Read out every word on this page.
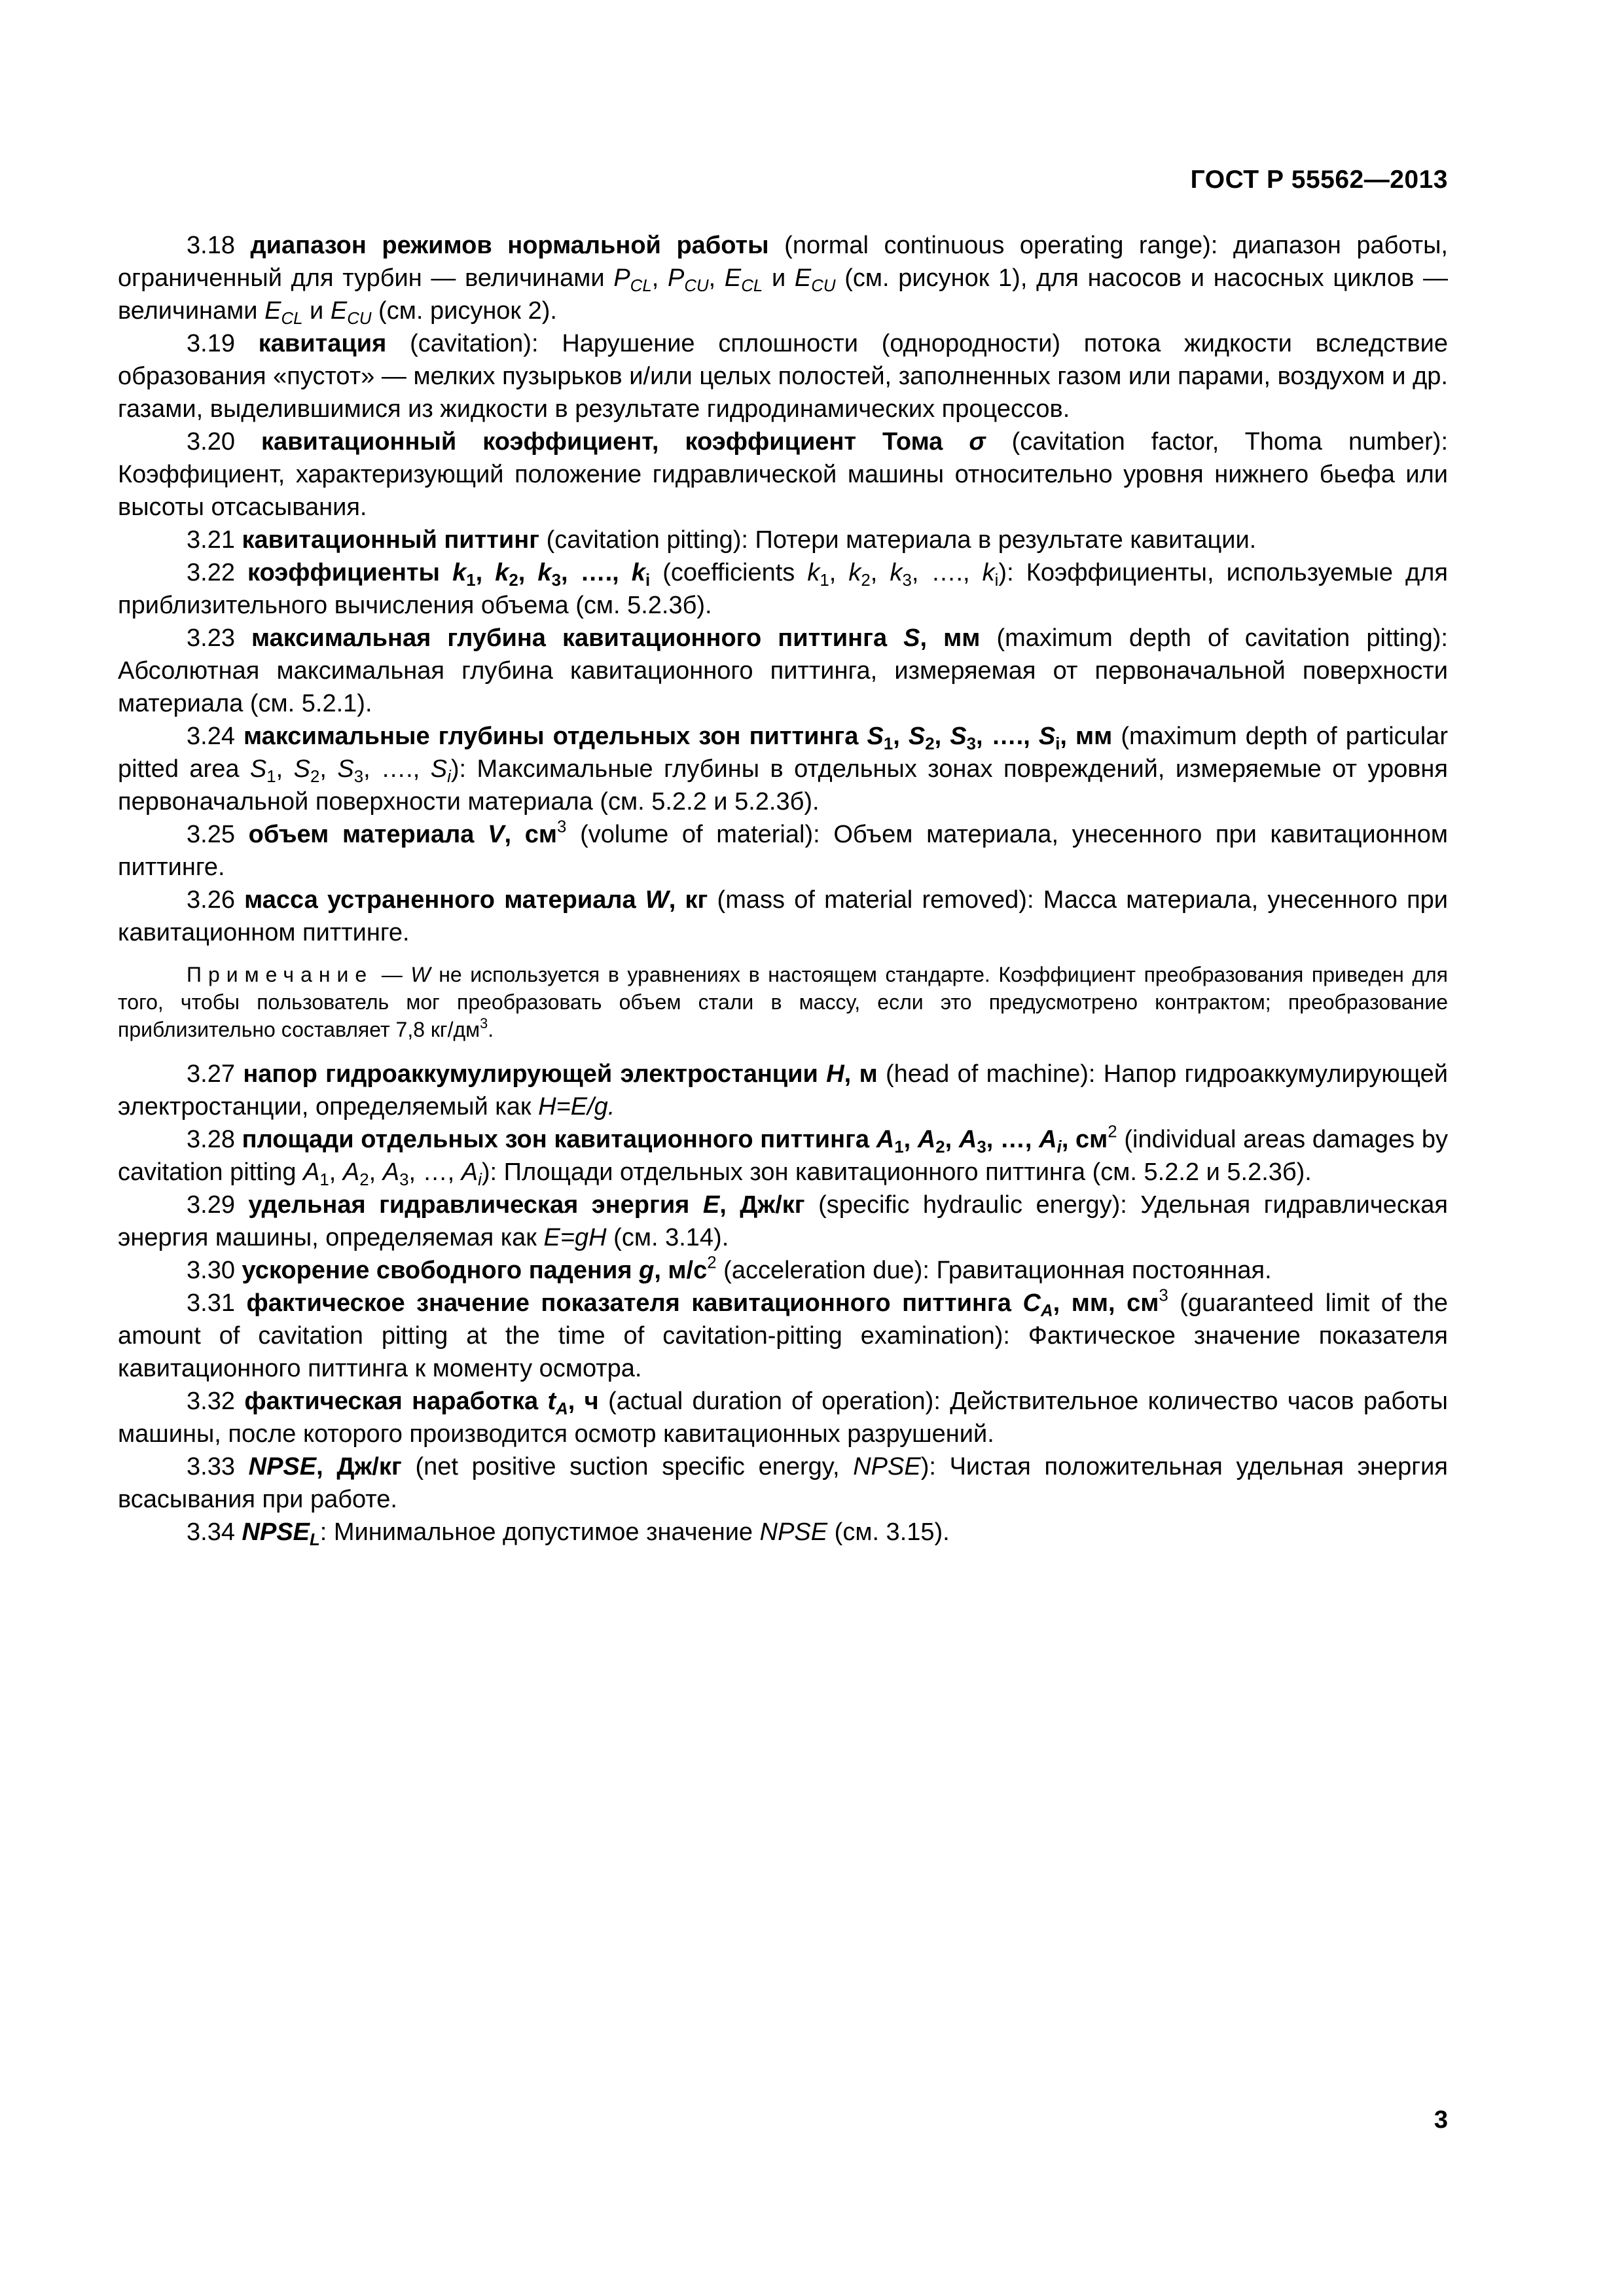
ГОСТ Р 55562—2013

3.18 диапазон режимов нормальной работы (normal continuous operating range): диапазон работы, ограниченный для турбин — величинами $P_{CL}$, $P_{CU}$, $E_{CL}$ и $E_{CU}$ (см. рисунок 1), для насосов и насосных циклов — величинами $E_{CL}$ и $E_{CU}$ (см. рисунок 2).

3.19 кавитация (cavitation): Нарушение сплошности (однородности) потока жидкости вследствие образования «пустот» — мелких пузырьков и/или целых полостей, заполненных газом или парами, воздухом и др. газами, выделившимися из жидкости в результате гидродинамических процессов.

3.20 кавитационный коэффициент, коэффициент Тома σ (cavitation factor, Thoma number): Коэффициент, характеризующий положение гидравлической машины относительно уровня нижнего бьефа или высоты отсасывания.

3.21 кавитационный питтинг (cavitation pitting): Потери материала в результате кавитации.

3.22 коэффициенты $k_1$, $k_2$, $k_3$, …., $k_i$ (coefficients $k_1$, $k_2$, $k_3$, …., $k_i$): Коэффициенты, используемые для приблизительного вычисления объема (см. 5.2.3б).

3.23 максимальная глубина кавитационного питтинга S, мм (maximum depth of cavitation pitting): Абсолютная максимальная глубина кавитационного питтинга, измеряемая от первоначальной поверхности материала (см. 5.2.1).

3.24 максимальные глубины отдельных зон питтинга $S_1$, $S_2$, $S_3$, …., $S_i$, мм (maximum depth of particular pitted area $S_1$, $S_2$, $S_3$, …., $S_i$): Максимальные глубины в отдельных зонах повреждений, измеряемые от уровня первоначальной поверхности материала (см. 5.2.2 и 5.2.3б).

3.25 объем материала V, $см^3$ (volume of material): Объем материала, унесенного при кавитационном питтинге.

3.26 масса устраненного материала W, кг (mass of material removed): Масса материала, унесенного при кавитационном питтинге.

Примечание — W не используется в уравнениях в настоящем стандарте. Коэффициент преобразования приведен для того, чтобы пользователь мог преобразовать объем стали в массу, если это предусмотрено контрактом; преобразование приблизительно составляет 7,8 $кг/дм^3$.

3.27 напор гидроаккумулирующей электростанции H, м (head of machine): Напор гидроаккумулирующей электростанции, определяемый как H=E/g.

3.28 площади отдельных зон кавитационного питтинга $A_1$, $A_2$, $A_3$, …, $A_i$, $см^2$ (individual areas damages by cavitation pitting $A_1$, $A_2$, $A_3$, …, $A_i$): Площади отдельных зон кавитационного питтинга (см. 5.2.2 и 5.2.3б).

3.29 удельная гидравлическая энергия E, Дж/кг (specific hydraulic energy): Удельная гидравлическая энергия машины, определяемая как E=gH (см. 3.14).

3.30 ускорение свободного падения g, $м/с^2$ (acceleration due): Гравитационная постоянная.

3.31 фактическое значение показателя кавитационного питтинга $C_A$, мм, $см^3$ (guaranteed limit of the amount of cavitation pitting at the time of cavitation-pitting examination): Фактическое значение показателя кавитационного питтинга к моменту осмотра.

3.32 фактическая наработка $t_A$, ч (actual duration of operation): Действительное количество часов работы машины, после которого производится осмотр кавитационных разрушений.

3.33 NPSE, Дж/кг (net positive suction specific energy, NPSE): Чистая положительная удельная энергия всасывания при работе.

3.34 $NPSE_L$: Минимальное допустимое значение NPSE (см. 3.15).

3
